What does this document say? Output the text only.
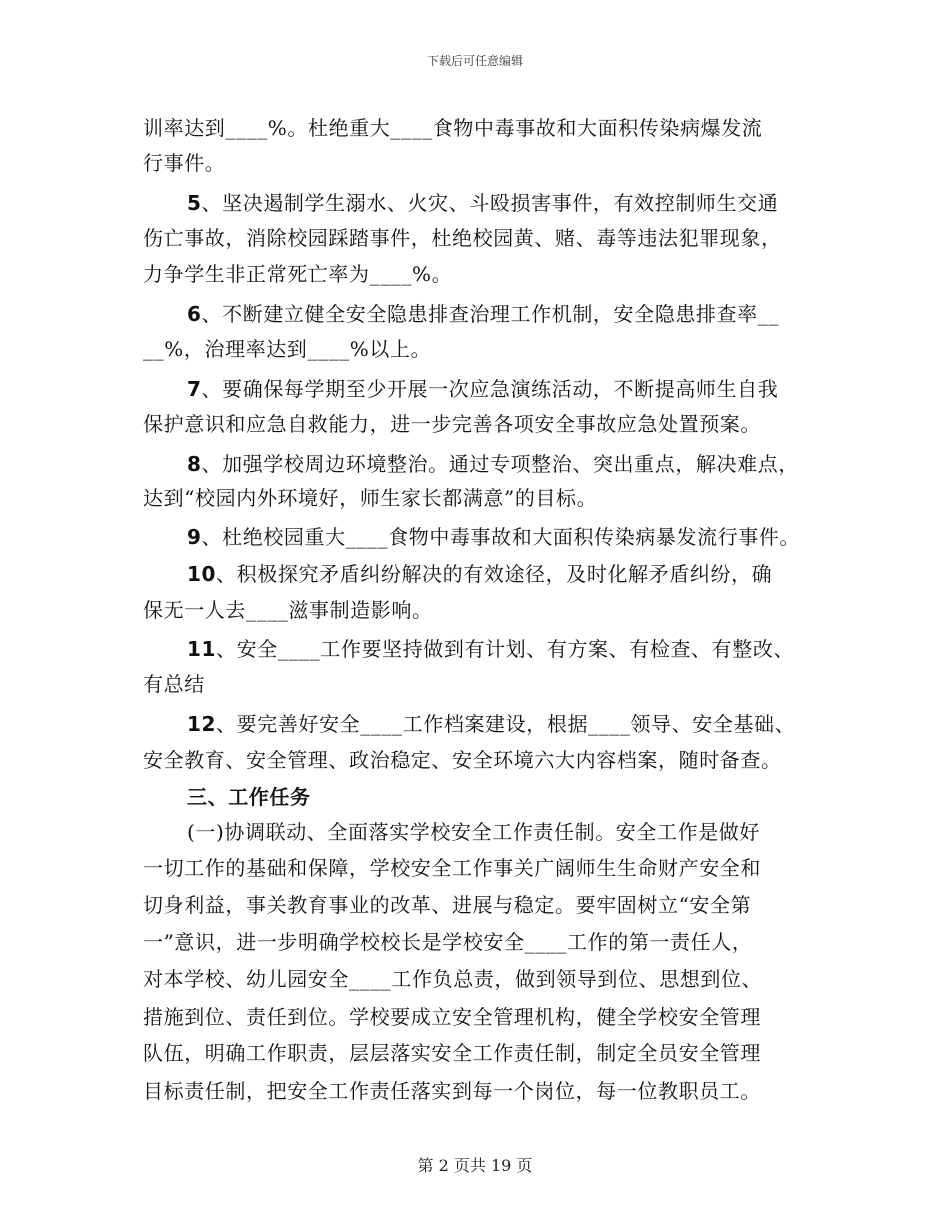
下载后可任意编辑
训率达到____%。杜绝重大____食物中毒事故和大面积传染病爆发流
行事件。
5、坚决遏制学生溺水、火灾、斗殴损害事件，有效控制师生交通
伤亡事故，消除校园踩踏事件，杜绝校园黄、赌、毒等违法犯罪现象，
力争学生非正常死亡率为____%。
6、不断建立健全安全隐患排查治理工作机制，安全隐患排查率__
__%，治理率达到____%以上。
7、要确保每学期至少开展一次应急演练活动，不断提高师生自我
保护意识和应急自救能力，进一步完善各项安全事故应急处置预案。
8、加强学校周边环境整治。通过专项整治、突出重点，解决难点，
达到“校园内外环境好，师生家长都满意”的目标。
9、杜绝校园重大____食物中毒事故和大面积传染病暴发流行事件。
10、积极探究矛盾纠纷解决的有效途径，及时化解矛盾纠纷，确
保无一人去____滋事制造影响。
11、安全____工作要坚持做到有计划、有方案、有检查、有整改、
有总结
12、要完善好安全____工作档案建设，根据____领导、安全基础、
安全教育、安全管理、政治稳定、安全环境六大内容档案，随时备查。
三、工作任务
(一)协调联动、全面落实学校安全工作责任制。安全工作是做好
一切工作的基础和保障，学校安全工作事关广阔师生生命财产安全和
切身利益，事关教育事业的改革、进展与稳定。要牢固树立“安全第
一”意识，进一步明确学校校长是学校安全____工作的第一责任人，
对本学校、幼儿园安全____工作负总责，做到领导到位、思想到位、
措施到位、责任到位。学校要成立安全管理机构，健全学校安全管理
队伍，明确工作职责，层层落实安全工作责任制，制定全员安全管理
目标责任制，把安全工作责任落实到每一个岗位，每一位教职员工。
第 2 页共 19 页
